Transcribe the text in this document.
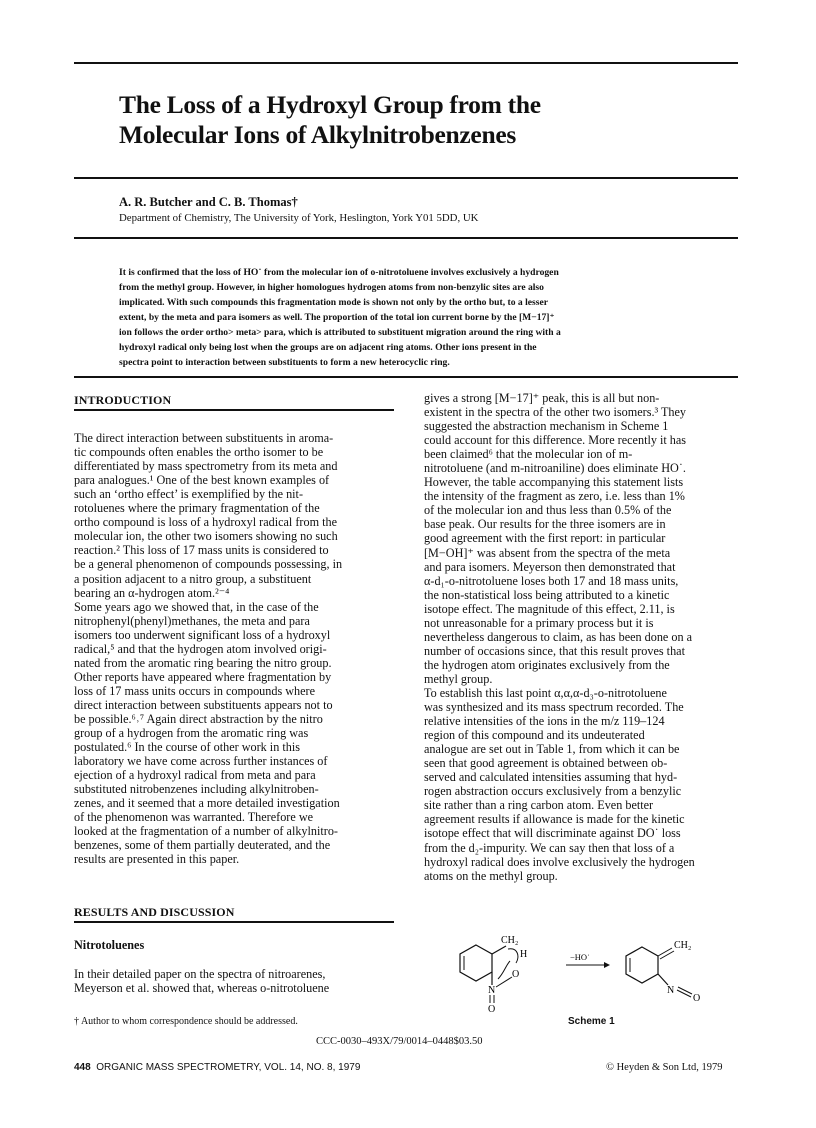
The Loss of a Hydroxyl Group from the
Molecular Ions of Alkylnitrobenzenes
A. R. Butcher and C. B. Thomas†
Department of Chemistry, The University of York, Heslington, York Y01 5DD, UK
It is confirmed that the loss of HO˙ from the molecular ion of o-nitrotoluene involves exclusively a hydrogen
from the methyl group. However, in higher homologues hydrogen atoms from non-benzylic sites are also
implicated. With such compounds this fragmentation mode is shown not only by the ortho but, to a lesser
extent, by the meta and para isomers as well. The proportion of the total ion current borne by the [M−17]⁺
ion follows the order ortho> meta> para, which is attributed to substituent migration around the ring with a
hydroxyl radical only being lost when the groups are on adjacent ring atoms. Other ions present in the
spectra point to interaction between substituents to form a new heterocyclic ring.
INTRODUCTION
The direct interaction between substituents in aroma-
tic compounds often enables the ortho isomer to be
differentiated by mass spectrometry from its meta and
para analogues.¹ One of the best known examples of
such an ‘ortho effect’ is exemplified by the nit-
rotoluenes where the primary fragmentation of the
ortho compound is loss of a hydroxyl radical from the
molecular ion, the other two isomers showing no such
reaction.² This loss of 17 mass units is considered to
be a general phenomenon of compounds possessing, in
a position adjacent to a nitro group, a substituent
bearing an α-hydrogen atom.²⁻⁴
Some years ago we showed that, in the case of the
nitrophenyl(phenyl)methanes, the meta and para
isomers too underwent significant loss of a hydroxyl
radical,⁵ and that the hydrogen atom involved origi-
nated from the aromatic ring bearing the nitro group.
Other reports have appeared where fragmentation by
loss of 17 mass units occurs in compounds where
direct interaction between substituents appears not to
be possible.⁶˒⁷ Again direct abstraction by the nitro
group of a hydrogen from the aromatic ring was
postulated.⁶ In the course of other work in this
laboratory we have come across further instances of
ejection of a hydroxyl radical from meta and para
substituted nitrobenzenes including alkylnitroben-
zenes, and it seemed that a more detailed investigation
of the phenomenon was warranted. Therefore we
looked at the fragmentation of a number of alkylnitro-
benzenes, some of them partially deuterated, and the
results are presented in this paper.
RESULTS AND DISCUSSION
Nitrotoluenes
In their detailed paper on the spectra of nitroarenes,
Meyerson et al. showed that, whereas o-nitrotoluene
gives a strong [M−17]⁺ peak, this is all but non-
existent in the spectra of the other two isomers.³ They
suggested the abstraction mechanism in Scheme 1
could account for this difference. More recently it has
been claimed⁶ that the molecular ion of m-
nitrotoluene (and m-nitroaniline) does eliminate HO˙.
However, the table accompanying this statement lists
the intensity of the fragment as zero, i.e. less than 1%
of the molecular ion and thus less than 0.5% of the
base peak. Our results for the three isomers are in
good agreement with the first report: in particular
[M−OH]⁺ was absent from the spectra of the meta
and para isomers. Meyerson then demonstrated that
α-d₁-o-nitrotoluene loses both 17 and 18 mass units,
the non-statistical loss being attributed to a kinetic
isotope effect. The magnitude of this effect, 2.11, is
not unreasonable for a primary process but it is
nevertheless dangerous to claim, as has been done on a
number of occasions since, that this result proves that
the hydrogen atom originates exclusively from the
methyl group.
To establish this last point α,α,α-d₃-o-nitrotoluene
was synthesized and its mass spectrum recorded. The
relative intensities of the ions in the m/z 119–124
region of this compound and its undeuterated
analogue are set out in Table 1, from which it can be
seen that good agreement is obtained between ob-
served and calculated intensities assuming that hyd-
rogen abstraction occurs exclusively from a benzylic
site rather than a ring carbon atom. Even better
agreement results if allowance is made for the kinetic
isotope effect that will discriminate against DO˙ loss
from the d₂-impurity. We can say then that loss of a
hydroxyl radical does involve exclusively the hydrogen
atoms on the methyl group.
CH₂
H
O
N
O
−HO˙
CH₂
N
O
† Author to whom correspondence should be addressed.	Scheme 1
CCC-0030–493X/79/0014–0448$03.50
448 ORGANIC MASS SPECTROMETRY, VOL. 14, NO. 8, 1979	© Heyden & Son Ltd, 1979
